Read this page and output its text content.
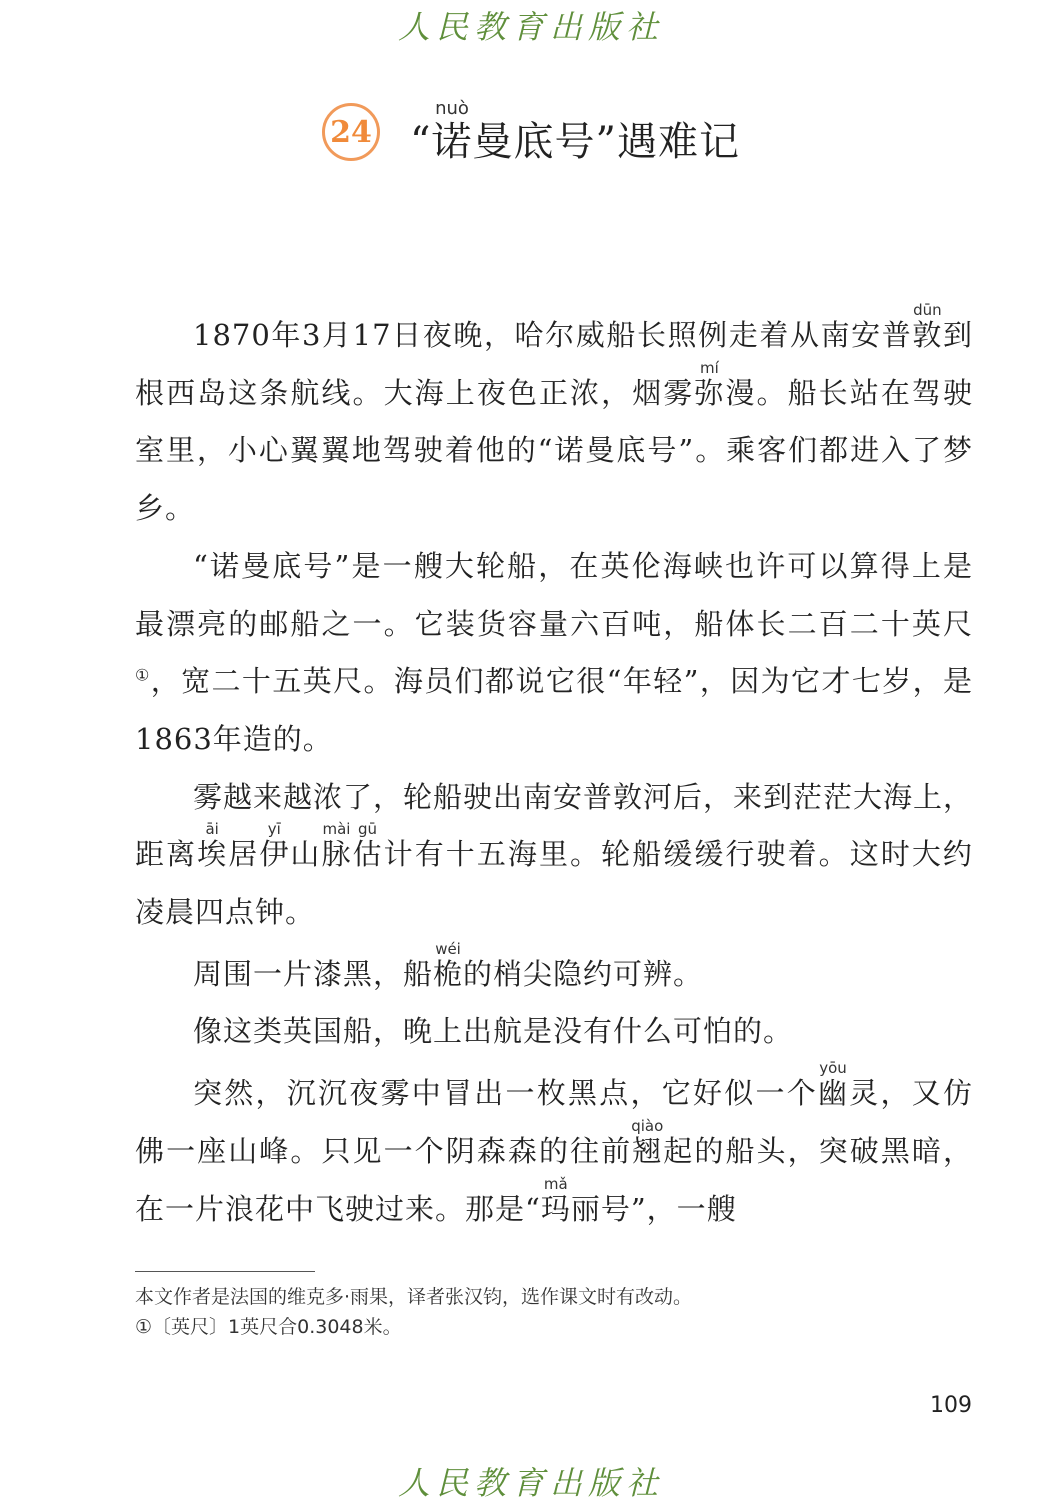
人民教育出版社
24 “诺nuò曼底号”遇难记

1870年3月17日夜晚，哈尔威船长照例走着从南安普敦dūn到根西岛这条航线。大海上夜色正浓，烟雾弥mí漫。船长站在驾驶室里，小心翼翼地驾驶着他的“诺曼底号”。乘客们都进入了梦乡。

“诺曼底号”是一艘大轮船，在英伦海峡也许可以算得上是最漂亮的邮船之一。它装货容量六百吨，船体长二百二十英尺①，宽二十五英尺。海员们都说它很“年轻”，因为它才七岁，是1863年造的。

雾越来越浓了，轮船驶出南安普敦河后，来到茫茫大海上，距离埃āi居伊yī山脉mài估gū计有十五海里。轮船缓缓行驶着。这时大约凌晨四点钟。

周围一片漆黑，船桅wéi的梢尖隐约可辨。

像这类英国船，晚上出航是没有什么可怕的。

突然，沉沉夜雾中冒出一枚黑点，它好似一个幽yōu灵，又仿佛一座山峰。只见一个阴森森的往前翘qiào起的船头，突破黑暗，在一片浪花中飞驶过来。那是“玛mǎ丽号”，一艘

本文作者是法国的维克多·雨果，译者张汉钧，选作课文时有改动。

①〔英尺〕1英尺合0.3048米。

109
人民教育出版社
